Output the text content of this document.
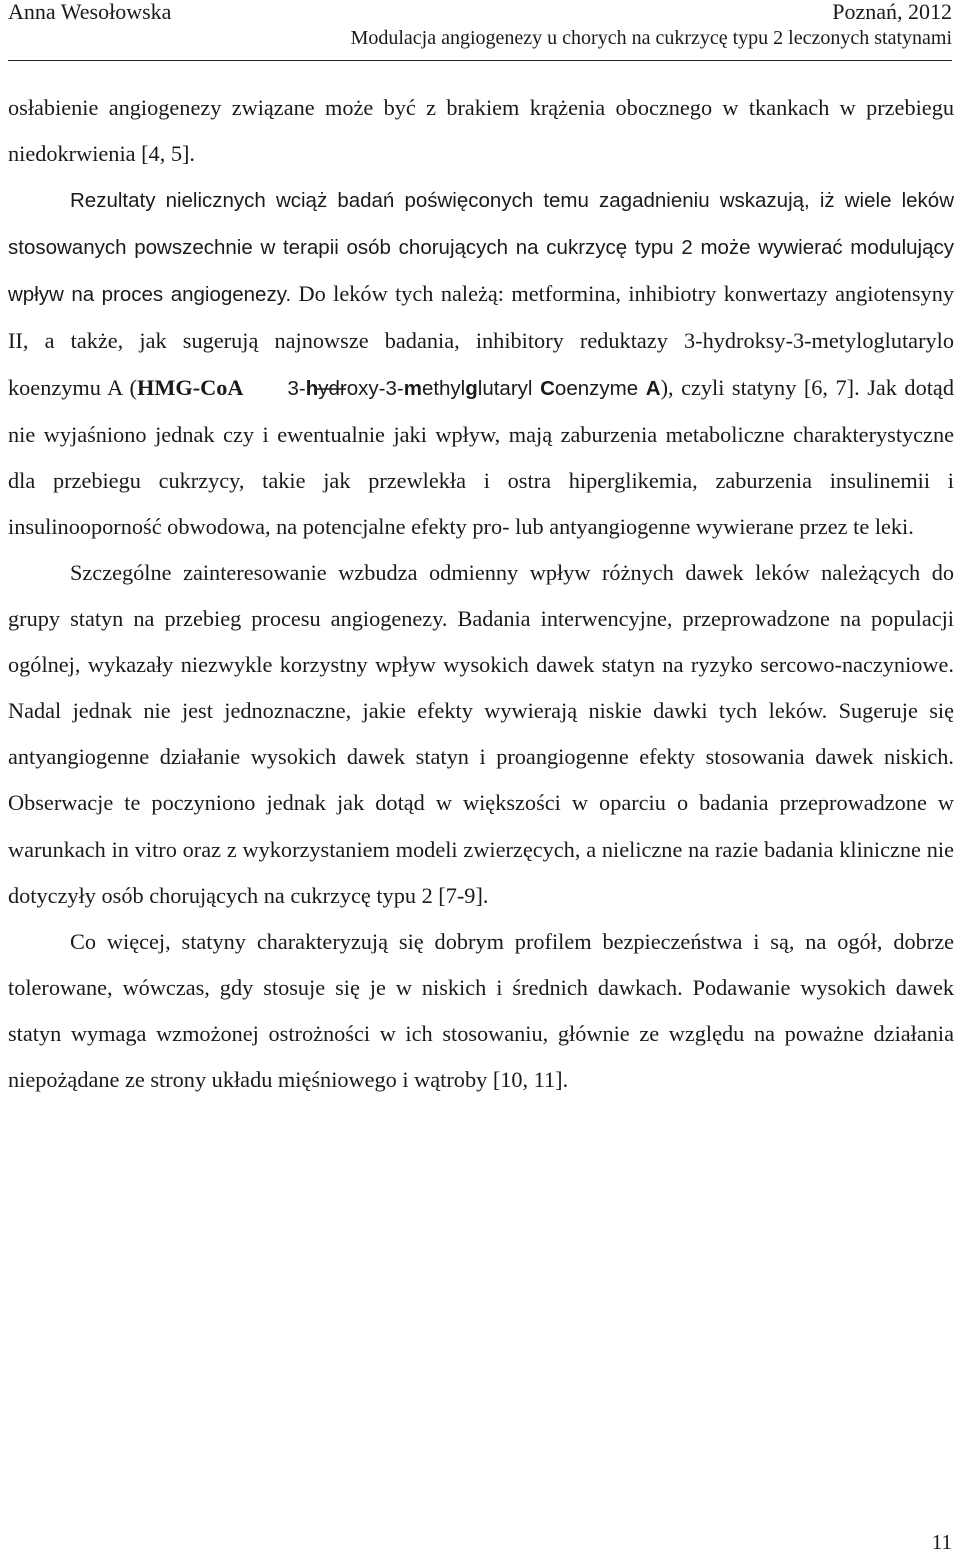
Anna Wesołowska	Poznań, 2012
Modulacja angiogenezy u chorych na cukrzycę typu 2 leczonych statynami

osłabienie angiogenezy związane może być z brakiem krążenia obocznego w tkankach w przebiegu niedokrwienia [4, 5].

Rezultaty nielicznych wciąż badań poświęconych temu zagadnieniu wskazują, iż wiele leków stosowanych powszechnie w terapii osób chorujących na cukrzycę typu 2 może wywierać modulujący wpływ na proces angiogenezy. Do leków tych należą: metformina, inhibiotry konwertazy angiotensyny II, a także, jak sugerują najnowsze badania, inhibitory reduktazy 3-hydroksy-3-metyloglutarylo koenzymu A (HMG-CoA 3-hydroxy-3-methylglutaryl Coenzyme A), czyli statyny [6, 7]. Jak dotąd nie wyjaśniono jednak czy i ewentualnie jaki wpływ, mają zaburzenia metaboliczne charakterystyczne dla przebiegu cukrzycy, takie jak przewlekła i ostra hiperglikemia, zaburzenia insulinemii i insulinooporność obwodowa, na potencjalne efekty pro- lub antyangiogenne wywierane przez te leki.

Szczególne zainteresowanie wzbudza odmienny wpływ różnych dawek leków należących do grupy statyn na przebieg procesu angiogenezy. Badania interwencyjne, przeprowadzone na populacji ogólnej, wykazały niezwykle korzystny wpływ wysokich dawek statyn na ryzyko sercowo-naczyniowe. Nadal jednak nie jest jednoznaczne, jakie efekty wywierają niskie dawki tych leków. Sugeruje się antyangiogenne działanie wysokich dawek statyn i proangiogenne efekty stosowania dawek niskich. Obserwacje te poczyniono jednak jak dotąd w większości w oparciu o badania przeprowadzone w warunkach in vitro oraz z wykorzystaniem modeli zwierzęcych, a nieliczne na razie badania kliniczne nie dotyczyły osób chorujących na cukrzycę typu 2 [7-9].

Co więcej, statyny charakteryzują się dobrym profilem bezpieczeństwa i są, na ogół, dobrze tolerowane, wówczas, gdy stosuje się je w niskich i średnich dawkach. Podawanie wysokich dawek statyn wymaga wzmożonej ostrożności w ich stosowaniu, głównie ze względu na poważne działania niepożądane ze strony układu mięśniowego i wątroby [10, 11].

11
